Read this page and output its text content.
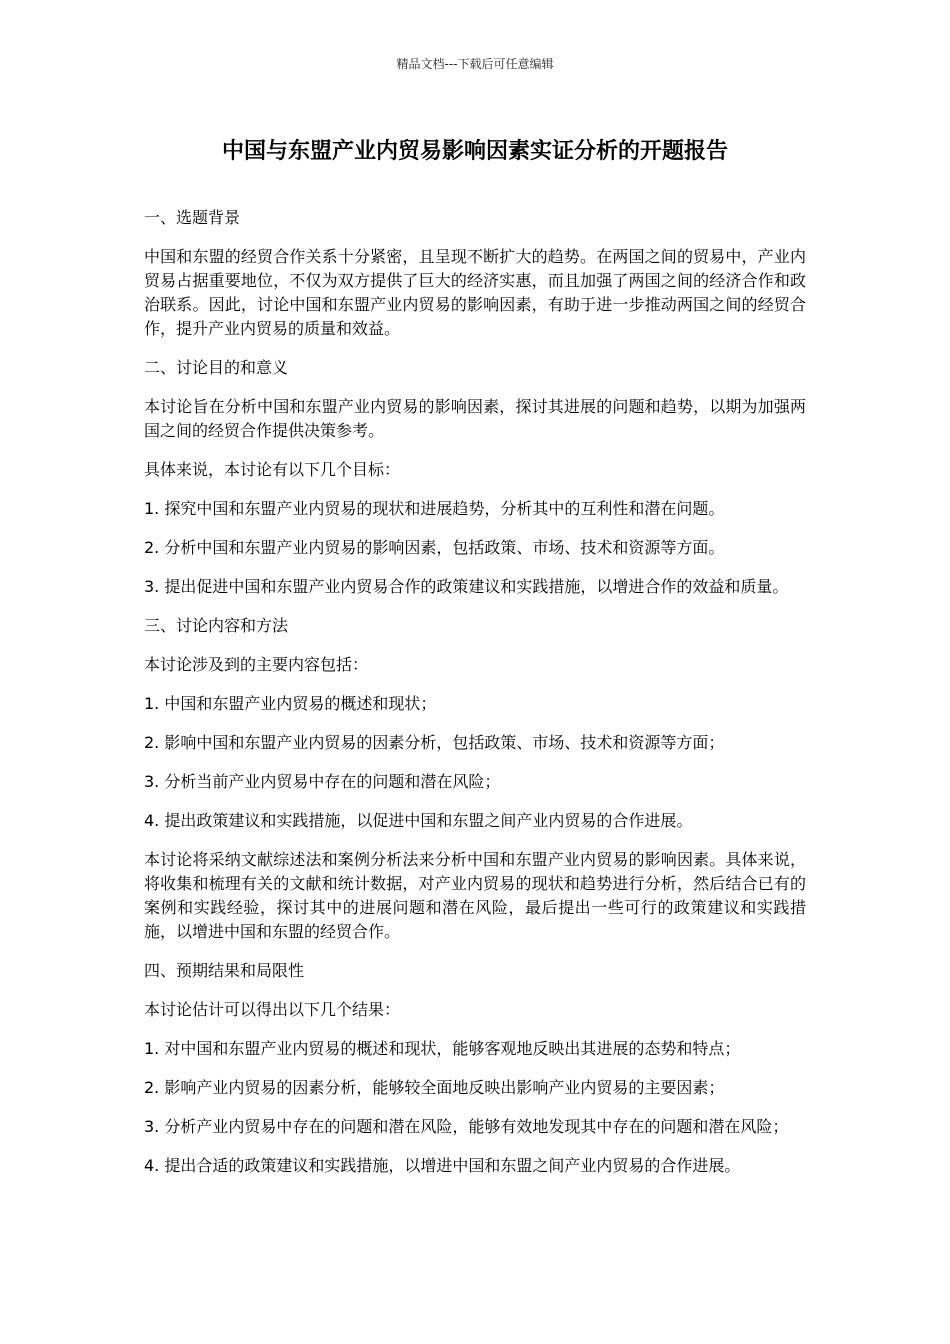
精品文档---下载后可任意编辑
中国与东盟产业内贸易影响因素实证分析的开题报告

一、选题背景

中国和东盟的经贸合作关系十分紧密，且呈现不断扩大的趋势。在两国之间的贸易中，产业内贸易占据重要地位，不仅为双方提供了巨大的经济实惠，而且加强了两国之间的经济合作和政治联系。因此，讨论中国和东盟产业内贸易的影响因素，有助于进一步推动两国之间的经贸合作，提升产业内贸易的质量和效益。

二、讨论目的和意义

本讨论旨在分析中国和东盟产业内贸易的影响因素，探讨其进展的问题和趋势，以期为加强两国之间的经贸合作提供决策参考。

具体来说，本讨论有以下几个目标：

1. 探究中国和东盟产业内贸易的现状和进展趋势，分析其中的互利性和潜在问题。

2. 分析中国和东盟产业内贸易的影响因素，包括政策、市场、技术和资源等方面。

3. 提出促进中国和东盟产业内贸易合作的政策建议和实践措施，以增进合作的效益和质量。

三、讨论内容和方法

本讨论涉及到的主要内容包括：

1. 中国和东盟产业内贸易的概述和现状；

2. 影响中国和东盟产业内贸易的因素分析，包括政策、市场、技术和资源等方面；

3. 分析当前产业内贸易中存在的问题和潜在风险；

4. 提出政策建议和实践措施，以促进中国和东盟之间产业内贸易的合作进展。

本讨论将采纳文献综述法和案例分析法来分析中国和东盟产业内贸易的影响因素。具体来说，将收集和梳理有关的文献和统计数据，对产业内贸易的现状和趋势进行分析，然后结合已有的案例和实践经验，探讨其中的进展问题和潜在风险，最后提出一些可行的政策建议和实践措施，以增进中国和东盟的经贸合作。

四、预期结果和局限性

本讨论估计可以得出以下几个结果：

1. 对中国和东盟产业内贸易的概述和现状，能够客观地反映出其进展的态势和特点；

2. 影响产业内贸易的因素分析，能够较全面地反映出影响产业内贸易的主要因素；

3. 分析产业内贸易中存在的问题和潜在风险，能够有效地发现其中存在的问题和潜在风险；

4. 提出合适的政策建议和实践措施，以增进中国和东盟之间产业内贸易的合作进展。
